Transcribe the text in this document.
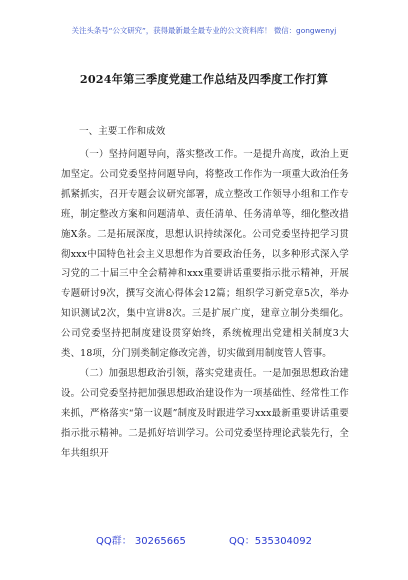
关注头条号“公文研究”，获得最新最全最专业的公文资料库！ 微信：gongwenyj
2024年第三季度党建工作总结及四季度工作打算
一、主要工作和成效

（一）坚持问题导向，落实整改工作。一是提升高度，政治上更加坚定。公司党委坚持问题导向，将整改工作作为一项重大政治任务抓紧抓实，召开专题会议研究部署，成立整改工作领导小组和工作专班，制定整改方案和问题清单、责任清单、任务清单等，细化整改措施X条。二是拓展深度，思想认识持续深化。公司党委坚持把学习贯彻xxx中国特色社会主义思想作为首要政治任务，以多种形式深入学习党的二十届三中全会精神和xxx重要讲话重要指示批示精神，开展专题研讨9次，撰写交流心得体会12篇；组织学习新党章5次，举办知识测试2次，集中宣讲8次。三是扩展广度，建章立制分类细化。公司党委坚持把制度建设贯穿始终，系统梳理出党建相关制度3大类、18项，分门别类制定修改完善，切实做到用制度管人管事。

（二）加强思想政治引领，落实党建责任。一是加强思想政治建设。公司党委坚持把加强思想政治建设作为一项基础性、经常性工作来抓，严格落实“第一议题”制度及时跟进学习xxx最新重要讲话重要指示批示精神。二是抓好培训学习。公司党委坚持理论武装先行，全年共组织开

QQ群： 30265665	QQ：535304092
